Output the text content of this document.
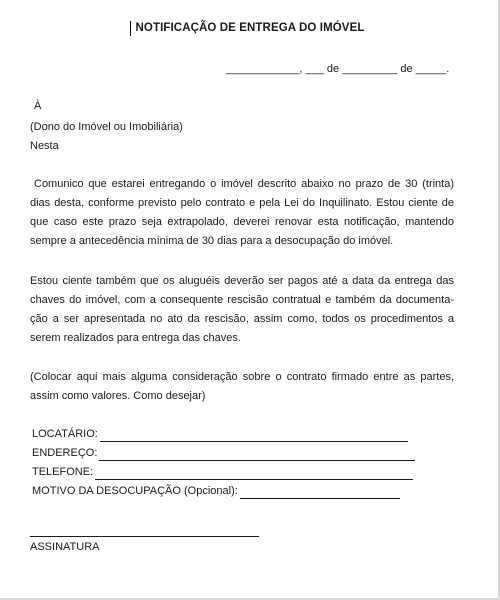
NOTIFICAÇÃO DE ENTREGA DO IMÓVEL
____________, ___ de _________ de _____.
À
(Dono do Imóvel ou Imobiliária)
Nesta
Comunico que estarei entregando o imóvel descrito abaixo no prazo de 30 (trinta) dias desta, conforme previsto pelo contrato e pela Lei do Inquilinato. Estou ciente de que caso este prazo seja extrapolado, deverei renovar esta notificação, mantendo sempre a antecedência mínima de 30 dias para a desocupação do imóvel.
Estou ciente também que os aluguéis deverão ser pagos até a data da entrega das chaves do imóvel, com a consequente rescisão contratual e também da documenta-ção a ser apresentada no ato da rescisão, assim como, todos os procedimentos a serem realizados para entrega das chaves.
(Colocar aqui mais alguma consideração sobre o contrato firmado entre as partes, assim como valores. Como desejar)
LOCATÁRIO:
ENDEREÇO:
TELEFONE:
MOTIVO DA DESOCUPAÇÃO (Opcional):
ASSINATURA
